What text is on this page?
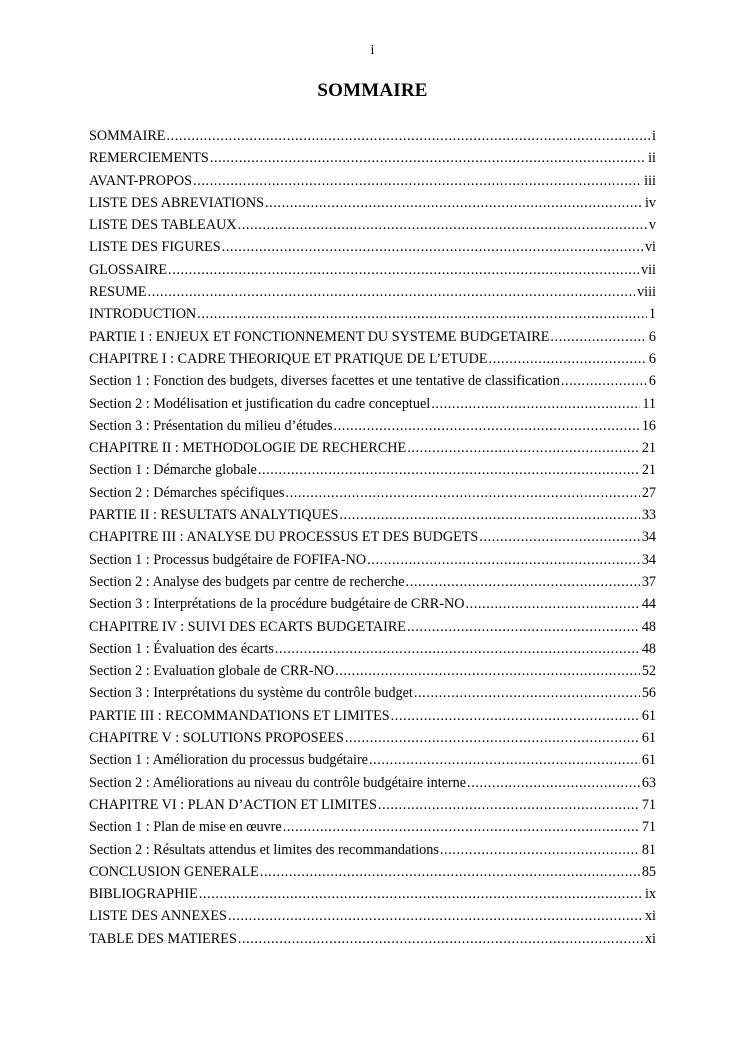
i
SOMMAIRE
SOMMAIRE .....	i
REMERCIEMENTS .....	ii
AVANT-PROPOS .....	iii
LISTE DES ABREVIATIONS .....	iv
LISTE DES TABLEAUX .....	v
LISTE DES FIGURES .....	vi
GLOSSAIRE .....	vii
RESUME .....	viii
INTRODUCTION .....	1
PARTIE I : ENJEUX ET FONCTIONNEMENT DU SYSTEME BUDGETAIRE .....	6
CHAPITRE I : CADRE THEORIQUE ET PRATIQUE DE L’ETUDE .....	6
Section 1 : Fonction des budgets, diverses facettes et une tentative de classification .....	6
Section 2 : Modélisation et justification du cadre conceptuel .....	11
Section 3 : Présentation du milieu d’études .....	16
CHAPITRE II : METHODOLOGIE DE RECHERCHE .....	21
Section 1 : Démarche globale .....	21
Section 2 : Démarches spécifiques .....	27
PARTIE II : RESULTATS ANALYTIQUES .....	33
CHAPITRE III : ANALYSE DU PROCESSUS ET DES BUDGETS .....	34
Section 1 : Processus budgétaire de FOFIFA-NO .....	34
Section 2 : Analyse des budgets par centre de recherche .....	37
Section 3 : Interprétations de la procédure budgétaire de CRR-NO .....	44
CHAPITRE IV : SUIVI DES ECARTS BUDGETAIRE .....	48
Section 1 : Évaluation des écarts .....	48
Section 2 : Evaluation globale de CRR-NO .....	52
Section 3 : Interprétations du système du contrôle budget .....	56
PARTIE III : RECOMMANDATIONS ET LIMITES .....	61
CHAPITRE V : SOLUTIONS PROPOSEES .....	61
Section 1 : Amélioration du processus budgétaire .....	61
Section 2 : Améliorations au niveau du contrôle budgétaire interne .....	63
CHAPITRE VI : PLAN D’ACTION ET LIMITES .....	71
Section 1 : Plan de mise en œuvre .....	71
Section 2 : Résultats attendus et limites des recommandations .....	81
CONCLUSION GENERALE .....	85
BIBLIOGRAPHIE .....	ix
LISTE DES ANNEXES .....	xi
TABLE DES MATIERES .....	xi
